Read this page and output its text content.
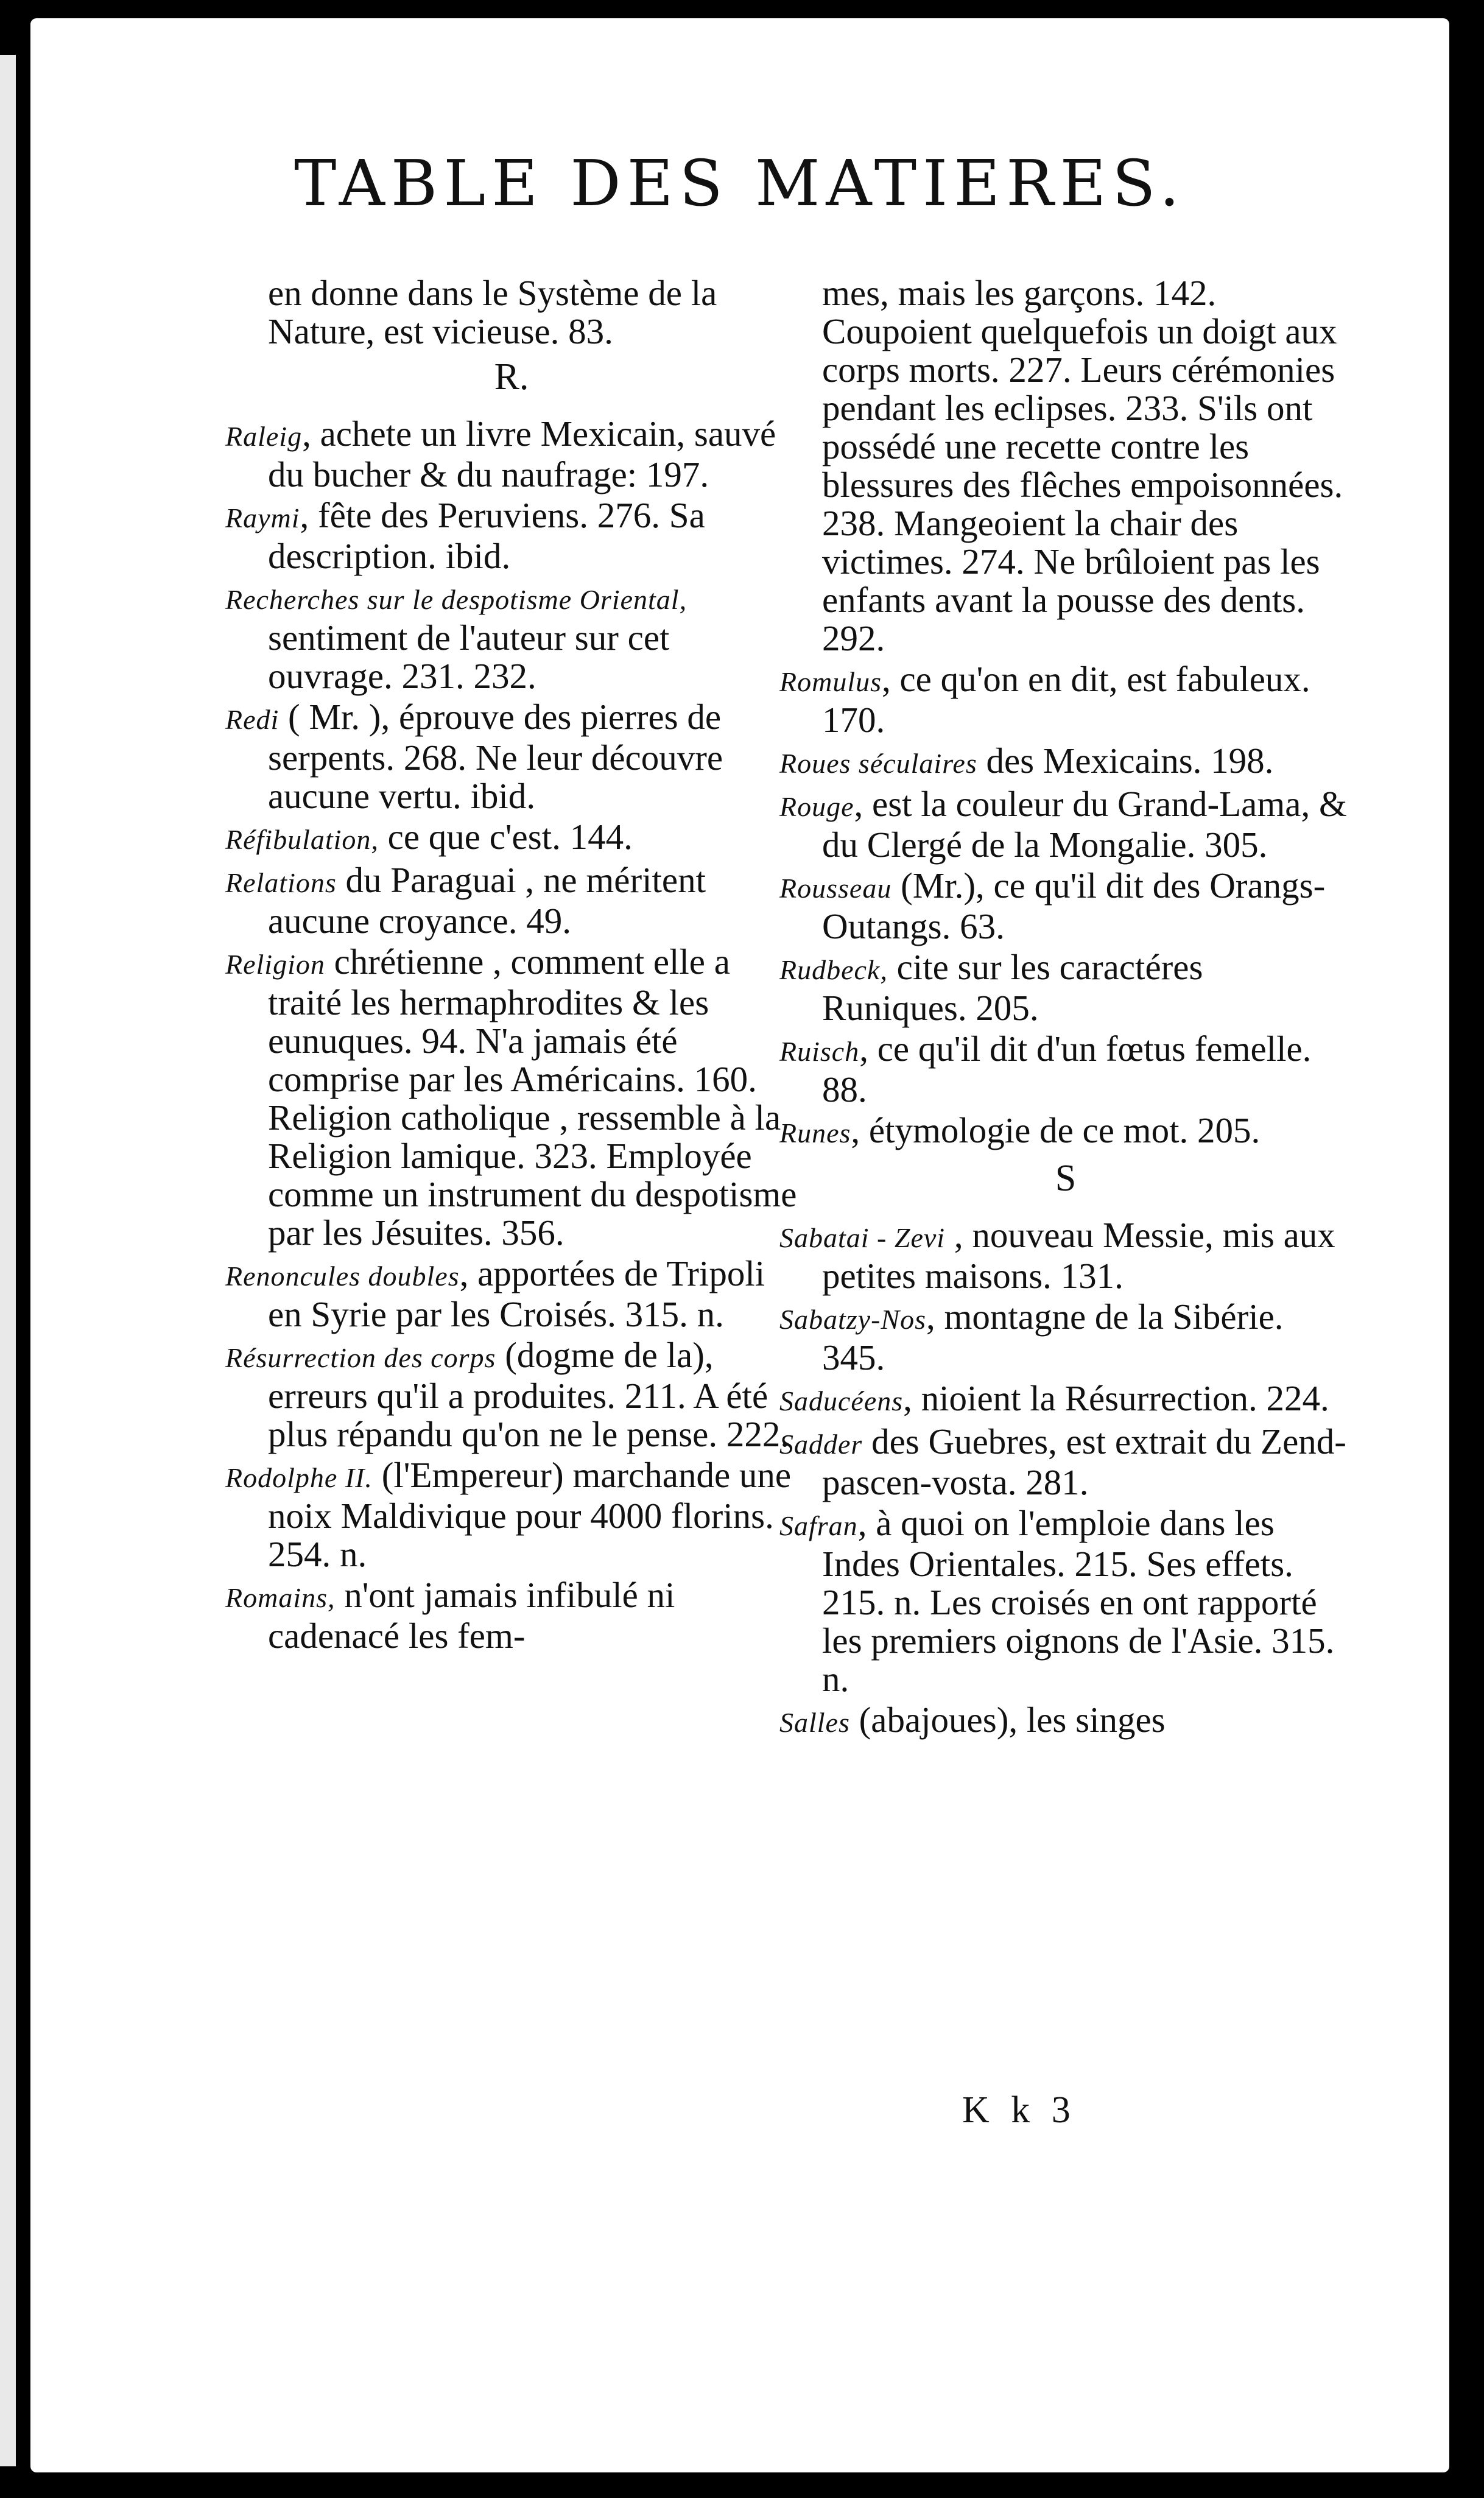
TABLE DES MATIERES.
en donne dans le Système de la Nature, est vicieuse. 83.
R.
Raleig, achete un livre Mexicain, sauvé du bucher & du naufrage: 197.
Raymi, fête des Peruviens. 276. Sa description. ibid.
Recherches sur le despotisme Oriental, sentiment de l'auteur sur cet ouvrage. 231. 232.
Redi ( Mr. ), éprouve des pierres de serpents. 268. Ne leur découvre aucune vertu. ibid.
Réfibulation, ce que c'est. 144.
Relations du Paraguai , ne méritent aucune croyance. 49.
Religion chrétienne , comment elle a traité les hermaphrodites & les eunuques. 94. N'a jamais été comprise par les Américains. 160. Religion catholique , ressemble à la Religion lamique. 323. Employée comme un instrument du despotisme par les Jésuites. 356.
Renoncules doubles, apportées de Tripoli en Syrie par les Croisés. 315. n.
Résurrection des corps (dogme de la), erreurs qu'il a produites. 211. A été plus répandu qu'on ne le pense. 222.
Rodolphe II. (l'Empereur) marchande une noix Maldivique pour 4000 florins. 254. n.
Romains, n'ont jamais infibulé ni cadenacé les fem-
mes, mais les garçons. 142. Coupoient quelquefois un doigt aux corps morts. 227. Leurs cérémonies pendant les eclipses. 233. S'ils ont possédé une recette contre les blessures des flêches empoisonnées. 238. Mangeoient la chair des victimes. 274. Ne brûloient pas les enfants avant la pousse des dents. 292.
Romulus, ce qu'on en dit, est fabuleux. 170.
Roues séculaires des Mexicains. 198.
Rouge, est la couleur du Grand-Lama, & du Clergé de la Mongalie. 305.
Rousseau (Mr.), ce qu'il dit des Orangs-Outangs. 63.
Rudbeck, cite sur les caractéres Runiques. 205.
Ruisch, ce qu'il dit d'un fœtus femelle. 88.
Runes, étymologie de ce mot. 205.
S
Sabatai - Zevi , nouveau Messie, mis aux petites maisons. 131.
Sabatzy-Nos, montagne de la Sibérie. 345.
Saducéens, nioient la Résurrection. 224.
Sadder des Guebres, est extrait du Zend-pascen-vosta. 281.
Safran, à quoi on l'emploie dans les Indes Orientales. 215. Ses effets. 215. n. Les croisés en ont rapporté les premiers oignons de l'Asie. 315. n.
Salles (abajoues), les singes
K k 3
